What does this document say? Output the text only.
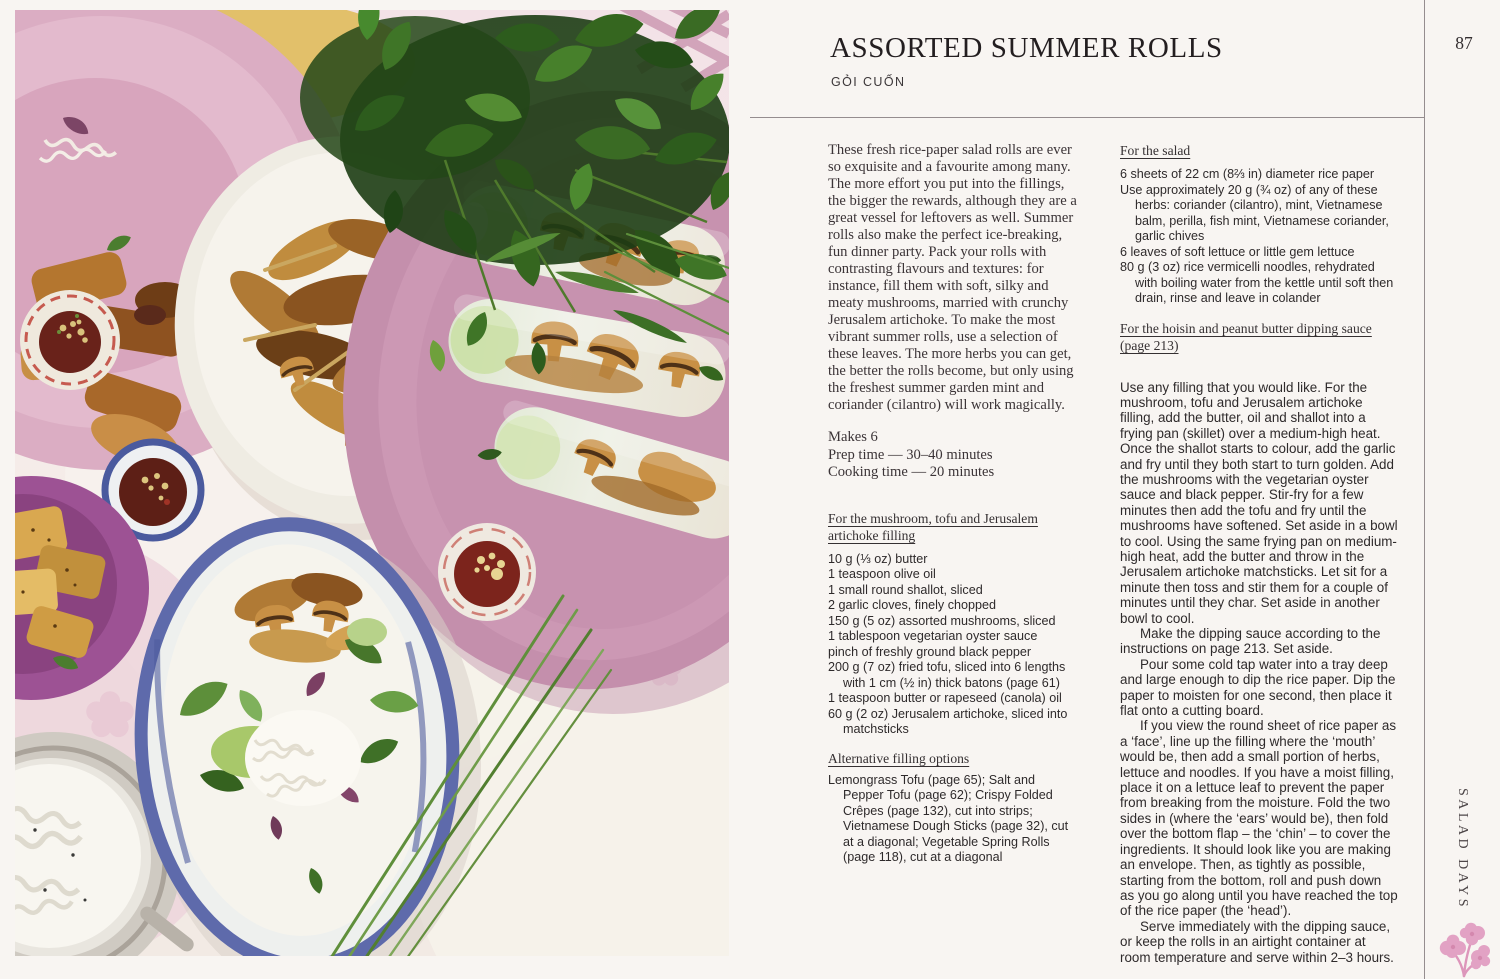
ASSORTED SUMMER ROLLS
GỎI CUỐN
87

These fresh rice-paper salad rolls are ever so exquisite and a favourite among many. The more effort you put into the fillings, the bigger the rewards, although they are a great vessel for leftovers as well. Summer rolls also make the perfect ice-breaking, fun dinner party. Pack your rolls with contrasting flavours and textures: for instance, fill them with soft, silky and meaty mushrooms, married with crunchy Jerusalem artichoke. To make the most vibrant summer rolls, use a selection of these leaves. The more herbs you can get, the better the rolls become, but only using the freshest summer garden mint and coriander (cilantro) will work magically.

Makes 6
Prep time — 30–40 minutes
Cooking time — 20 minutes
For the mushroom, tofu and Jerusalem artichoke filling
10 g (⅓ oz) butter
1 teaspoon olive oil
1 small round shallot, sliced
2 garlic cloves, finely chopped
150 g (5 oz) assorted mushrooms, sliced
1 tablespoon vegetarian oyster sauce
pinch of freshly ground black pepper
200 g (7 oz) fried tofu, sliced into 6 lengths with 1 cm (½ in) thick batons (page 61)
1 teaspoon butter or rapeseed (canola) oil
60 g (2 oz) Jerusalem artichoke, sliced into matchsticks
Alternative filling options

Lemongrass Tofu (page 65); Salt and Pepper Tofu (page 62); Crispy Folded Crêpes (page 132), cut into strips; Vietnamese Dough Sticks (page 32), cut at a diagonal; Vegetable Spring Rolls (page 118), cut at a diagonal

For the salad
6 sheets of 22 cm (8⅔ in) diameter rice paper
Use approximately 20 g (¾ oz) of any of these herbs: coriander (cilantro), mint, Vietnamese balm, perilla, fish mint, Vietnamese coriander, garlic chives
6 leaves of soft lettuce or little gem lettuce
80 g (3 oz) rice vermicelli noodles, rehydrated with boiling water from the kettle until soft then drain, rinse and leave in colander
For the hoisin and peanut butter dipping sauce (page 213)

Use any filling that you would like. For the mushroom, tofu and Jerusalem artichoke filling, add the butter, oil and shallot into a frying pan (skillet) over a medium-high heat. Once the shallot starts to colour, add the garlic and fry until they both start to turn golden. Add the mushrooms with the vegetarian oyster sauce and black pepper. Stir-fry for a few minutes then add the tofu and fry until the mushrooms have softened. Set aside in a bowl to cool. Using the same frying pan on medium-high heat, add the butter and throw in the Jerusalem artichoke matchsticks. Let sit for a minute then toss and stir them for a couple of minutes until they char. Set aside in another bowl to cool.

Make the dipping sauce according to the instructions on page 213. Set aside.

Pour some cold tap water into a tray deep and large enough to dip the rice paper. Dip the paper to moisten for one second, then place it flat onto a cutting board.

If you view the round sheet of rice paper as a ‘face’, line up the filling where the ‘mouth’ would be, then add a small portion of herbs, lettuce and noodles. If you have a moist filling, place it on a lettuce leaf to prevent the paper from breaking from the moisture. Fold the two sides in (where the ‘ears’ would be), then fold over the bottom flap – the ‘chin’ – to cover the ingredients. It should look like you are making an envelope. Then, as tightly as possible, starting from the bottom, roll and push down as you go along until you have reached the top of the rice paper (the ‘head’).

Serve immediately with the dipping sauce, or keep the rolls in an airtight container at room temperature and serve within 2–3 hours.

SALAD DAYS
